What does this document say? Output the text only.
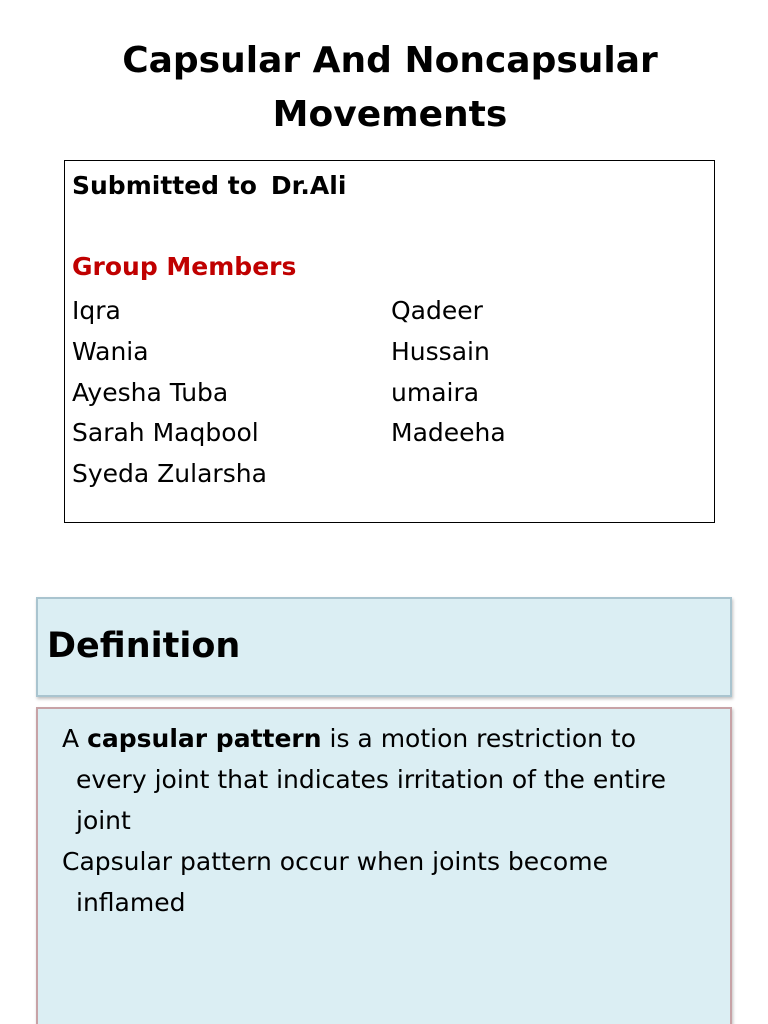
Capsular And Noncapsular
Movements
Submitted to Dr.Ali
Group Members
Iqra
Wania
Ayesha Tuba
Sarah Maqbool
Syeda Zularsha
Qadeer
Hussain
umaira
Madeeha
Definition

A capsular pattern is a motion restriction to every joint that indicates irritation of the entire joint

Capsular pattern occur when joints become inflamed
